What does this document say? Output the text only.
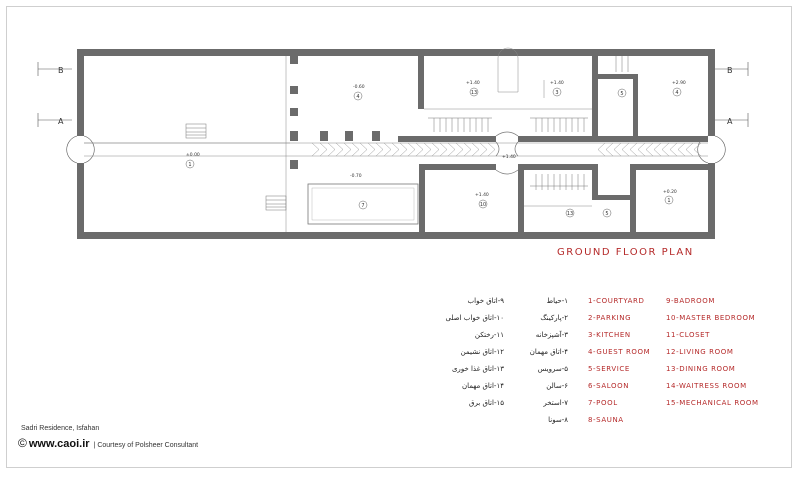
B	B
A	A
±0.00
-0.60
+1.40	+1.40	+2.90
+1.40
+1.40
+0.20
-0.70
1
4
13	3	4
5
10
1
13	5
7
GROUND FLOOR PLAN
۹-اتاق خواب
۱۰-اتاق خواب اصلی
۱۱-رختکن
۱۲-اتاق نشیمن
۱۳-اتاق غذا خوری
۱۴-اتاق مهمان
۱۵-اتاق برق
۱-حیاط
۲-پارکینگ
۳-آشپزخانه
۴-اتاق مهمان
۵-سرویس
۶-سالن
۷-استخر
۸-سونا
1-COURTYARD
2-PARKING
3-KITCHEN
4-GUEST ROOM
5-SERVICE
6-SALOON
7-POOL
8-SAUNA
9-BADROOM
10-MASTER BEDROOM
11-CLOSET
12-LIVING ROOM
13-DINING ROOM
14-WAITRESS ROOM
15-MECHANICAL ROOM
Sadri Residence, Isfahan
© www.caoi.ir | Courtesy of Polsheer Consultant
